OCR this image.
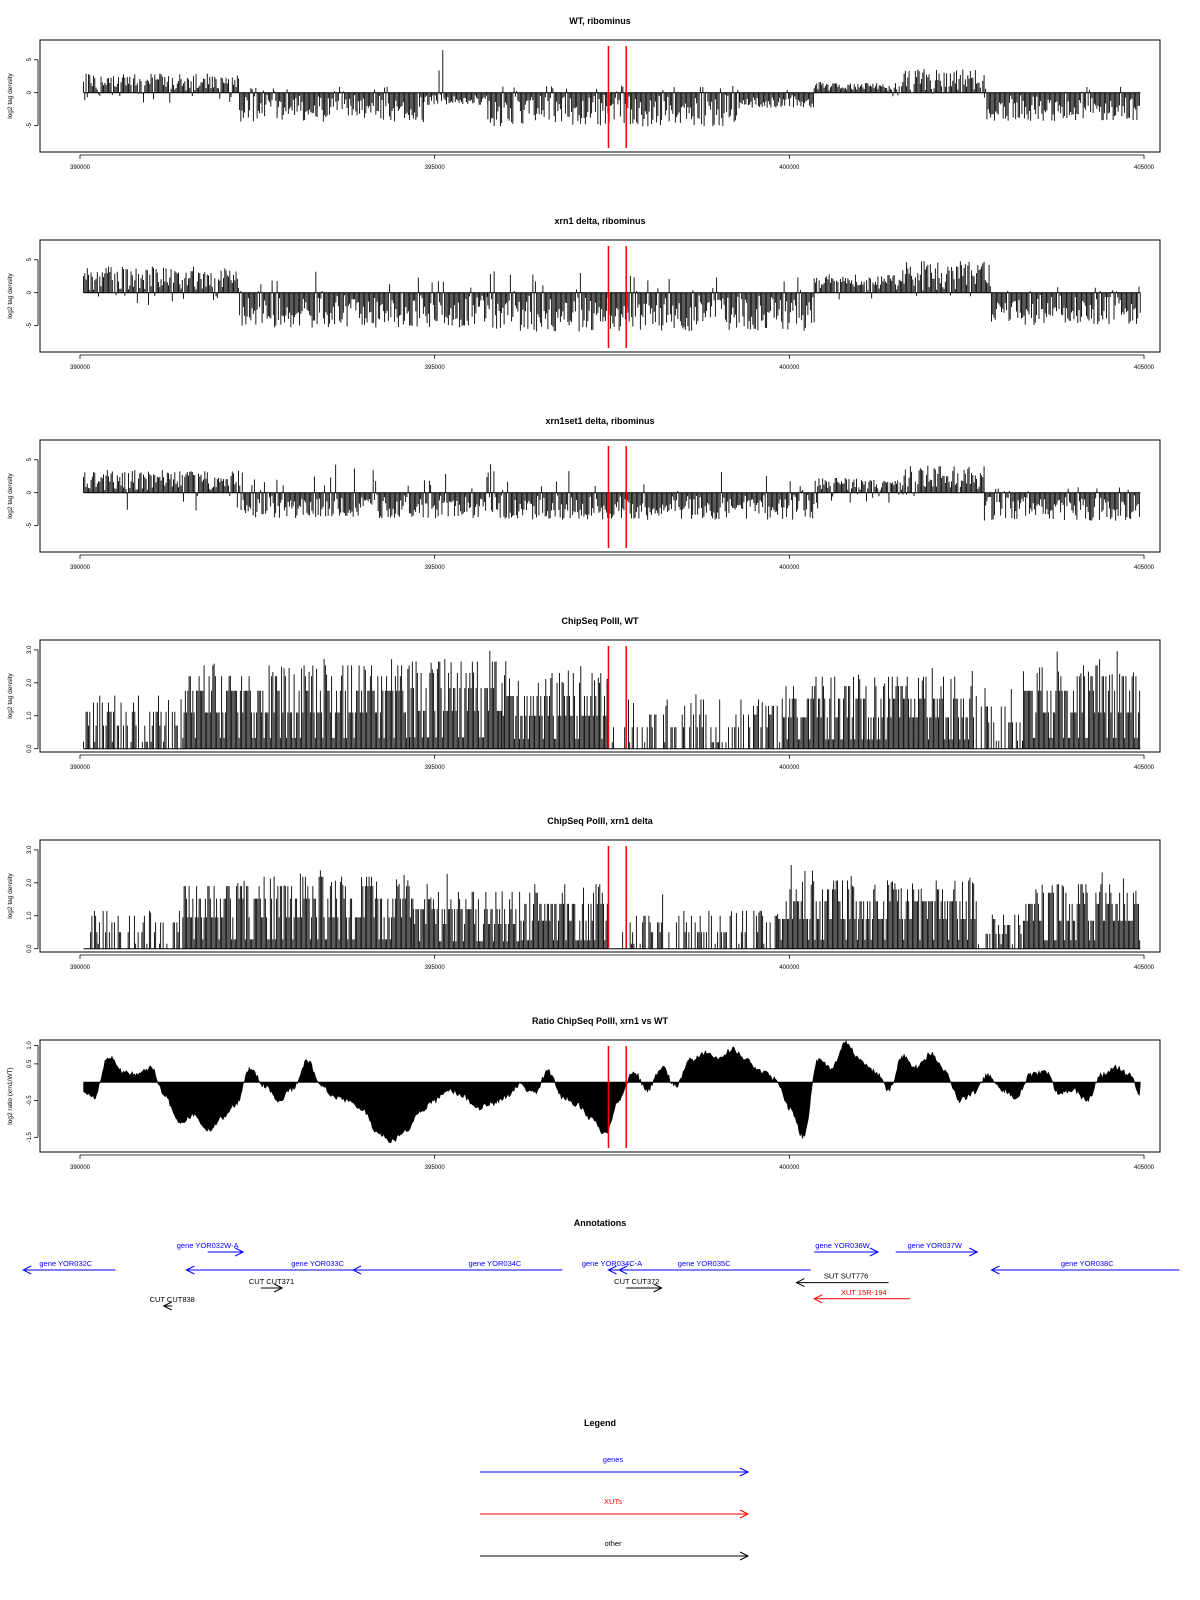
WT, ribominus
-5
0
5
log2 tag density
390000	395000	400000	405000
xrn1 delta, ribominus
-5
0
5
log2 tag density
390000	395000	400000	405000
xrn1set1 delta, ribominus
-5
0
5
log2 tag density
390000	395000	400000	405000
ChipSeq PolII, WT
0.0
1.0
2.0
3.0
log2 tag density
390000	395000	400000	405000
ChipSeq PolII, xrn1 delta
0.0
1.0
2.0
3.0
log2 tag density
390000	395000	400000	405000
Ratio ChipSeq PolII, xrn1 vs WT
-1.5
-0.5
0.5
1.0
log2 ratio (xrn1/WT)
390000	395000	400000	405000
Annotations
gene YOR032C
gene YOR032W-A
gene YOR033C	gene YOR034C	gene YOR034C-A	gene YOR035C
gene YOR036W	gene YOR037W
gene YOR038C
CUT CUT838
CUT CUT371	CUT CUT372
SUT SUT776
XUT 15R-194
Legend
genes
XUTs
other
